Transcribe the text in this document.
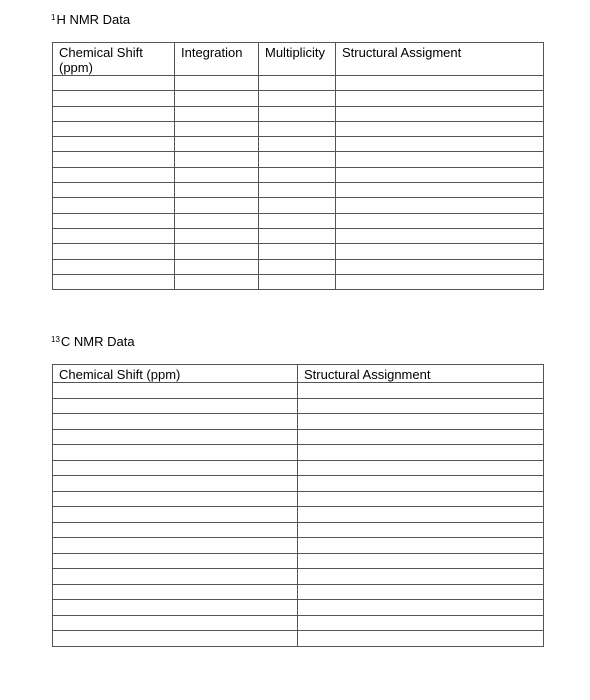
$^1$H NMR Data
Chemical Shift (ppm)	Integration	Multiplicity	Structural Assigment

$^{13}$C NMR Data
Chemical Shift (ppm)	Structural Assignment
